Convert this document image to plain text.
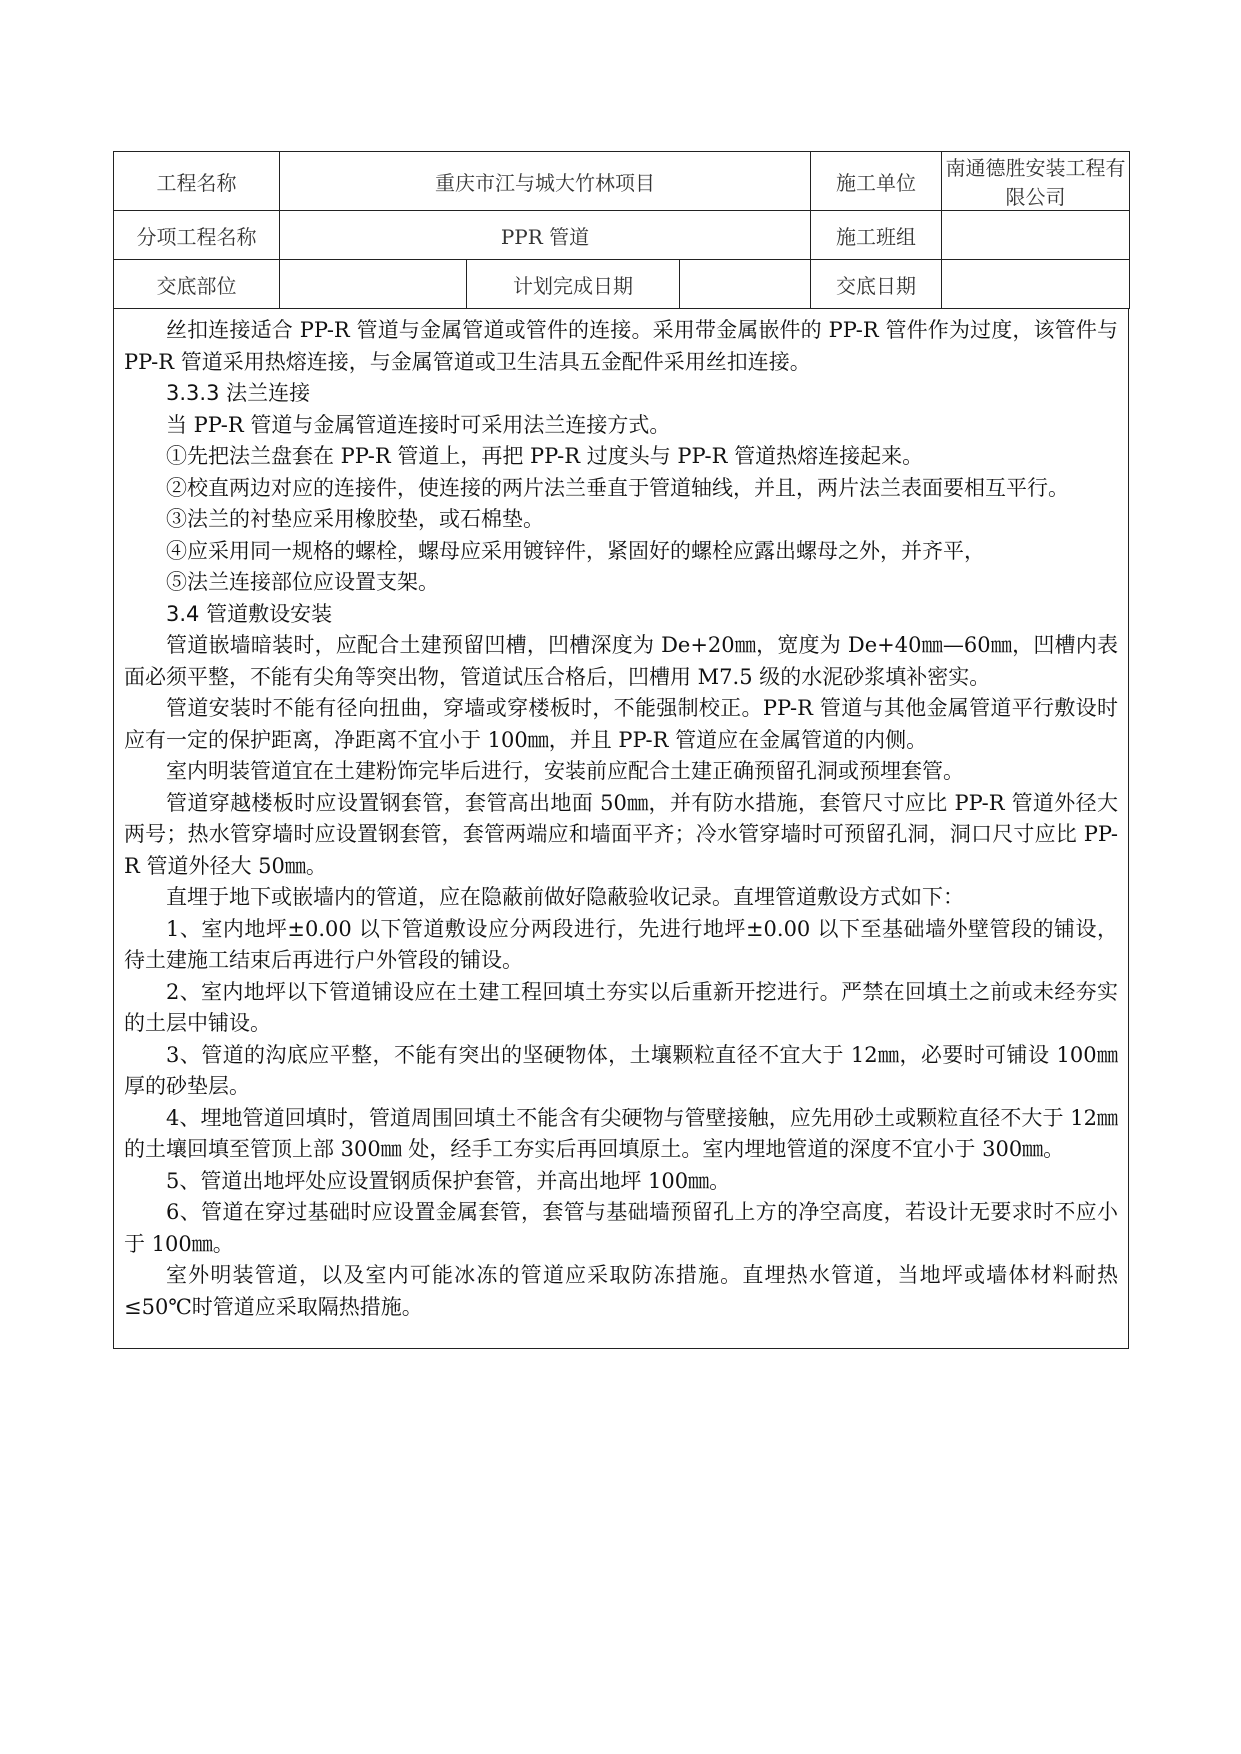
工程名称	重庆市江与城大竹林项目			施工单位	南通德胜安装工程有限公司
分项工程名称	PPR 管道			施工班组	
交底部位		计划完成日期		交底日期	

丝扣连接适合 PP-R 管道与金属管道或管件的连接。采用带金属嵌件的 PP-R 管件作为过度，该管件与 PP-R 管道采用热熔连接，与金属管道或卫生洁具五金配件采用丝扣连接。

3.3.3 法兰连接

当 PP-R 管道与金属管道连接时可采用法兰连接方式。

①先把法兰盘套在 PP-R 管道上，再把 PP-R 过度头与 PP-R 管道热熔连接起来。

②校直两边对应的连接件，使连接的两片法兰垂直于管道轴线，并且，两片法兰表面要相互平行。

③法兰的衬垫应采用橡胶垫，或石棉垫。

④应采用同一规格的螺栓，螺母应采用镀锌件，紧固好的螺栓应露出螺母之外，并齐平，

⑤法兰连接部位应设置支架。

3.4 管道敷设安装

管道嵌墙暗装时，应配合土建预留凹槽，凹槽深度为 De+20㎜，宽度为 De+40㎜—60㎜，凹槽内表面必须平整，不能有尖角等突出物，管道试压合格后，凹槽用 M7.5 级的水泥砂浆填补密实。

管道安装时不能有径向扭曲，穿墙或穿楼板时，不能强制校正。PP-R 管道与其他金属管道平行敷设时应有一定的保护距离，净距离不宜小于 100㎜，并且 PP-R 管道应在金属管道的内侧。

室内明装管道宜在土建粉饰完毕后进行，安装前应配合土建正确预留孔洞或预埋套管。

管道穿越楼板时应设置钢套管，套管高出地面 50㎜，并有防水措施，套管尺寸应比 PP-R 管道外径大两号；热水管穿墙时应设置钢套管，套管两端应和墙面平齐；冷水管穿墙时可预留孔洞，洞口尺寸应比 PP-R 管道外径大 50㎜。

直埋于地下或嵌墙内的管道，应在隐蔽前做好隐蔽验收记录。直埋管道敷设方式如下：

1、室内地坪±0.00 以下管道敷设应分两段进行，先进行地坪±0.00 以下至基础墙外壁管段的铺设，待土建施工结束后再进行户外管段的铺设。

2、室内地坪以下管道铺设应在土建工程回填土夯实以后重新开挖进行。严禁在回填土之前或未经夯实的土层中铺设。

3、管道的沟底应平整，不能有突出的坚硬物体，土壤颗粒直径不宜大于 12㎜，必要时可铺设 100㎜ 厚的砂垫层。

4、埋地管道回填时，管道周围回填土不能含有尖硬物与管壁接触，应先用砂土或颗粒直径不大于 12㎜ 的土壤回填至管顶上部 300㎜ 处，经手工夯实后再回填原土。室内埋地管道的深度不宜小于 300㎜。

5、管道出地坪处应设置钢质保护套管，并高出地坪 100㎜。

6、管道在穿过基础时应设置金属套管，套管与基础墙预留孔上方的净空高度，若设计无要求时不应小于 100㎜。

室外明装管道，以及室内可能冰冻的管道应采取防冻措施。直埋热水管道，当地坪或墙体材料耐热≤50℃时管道应采取隔热措施。
